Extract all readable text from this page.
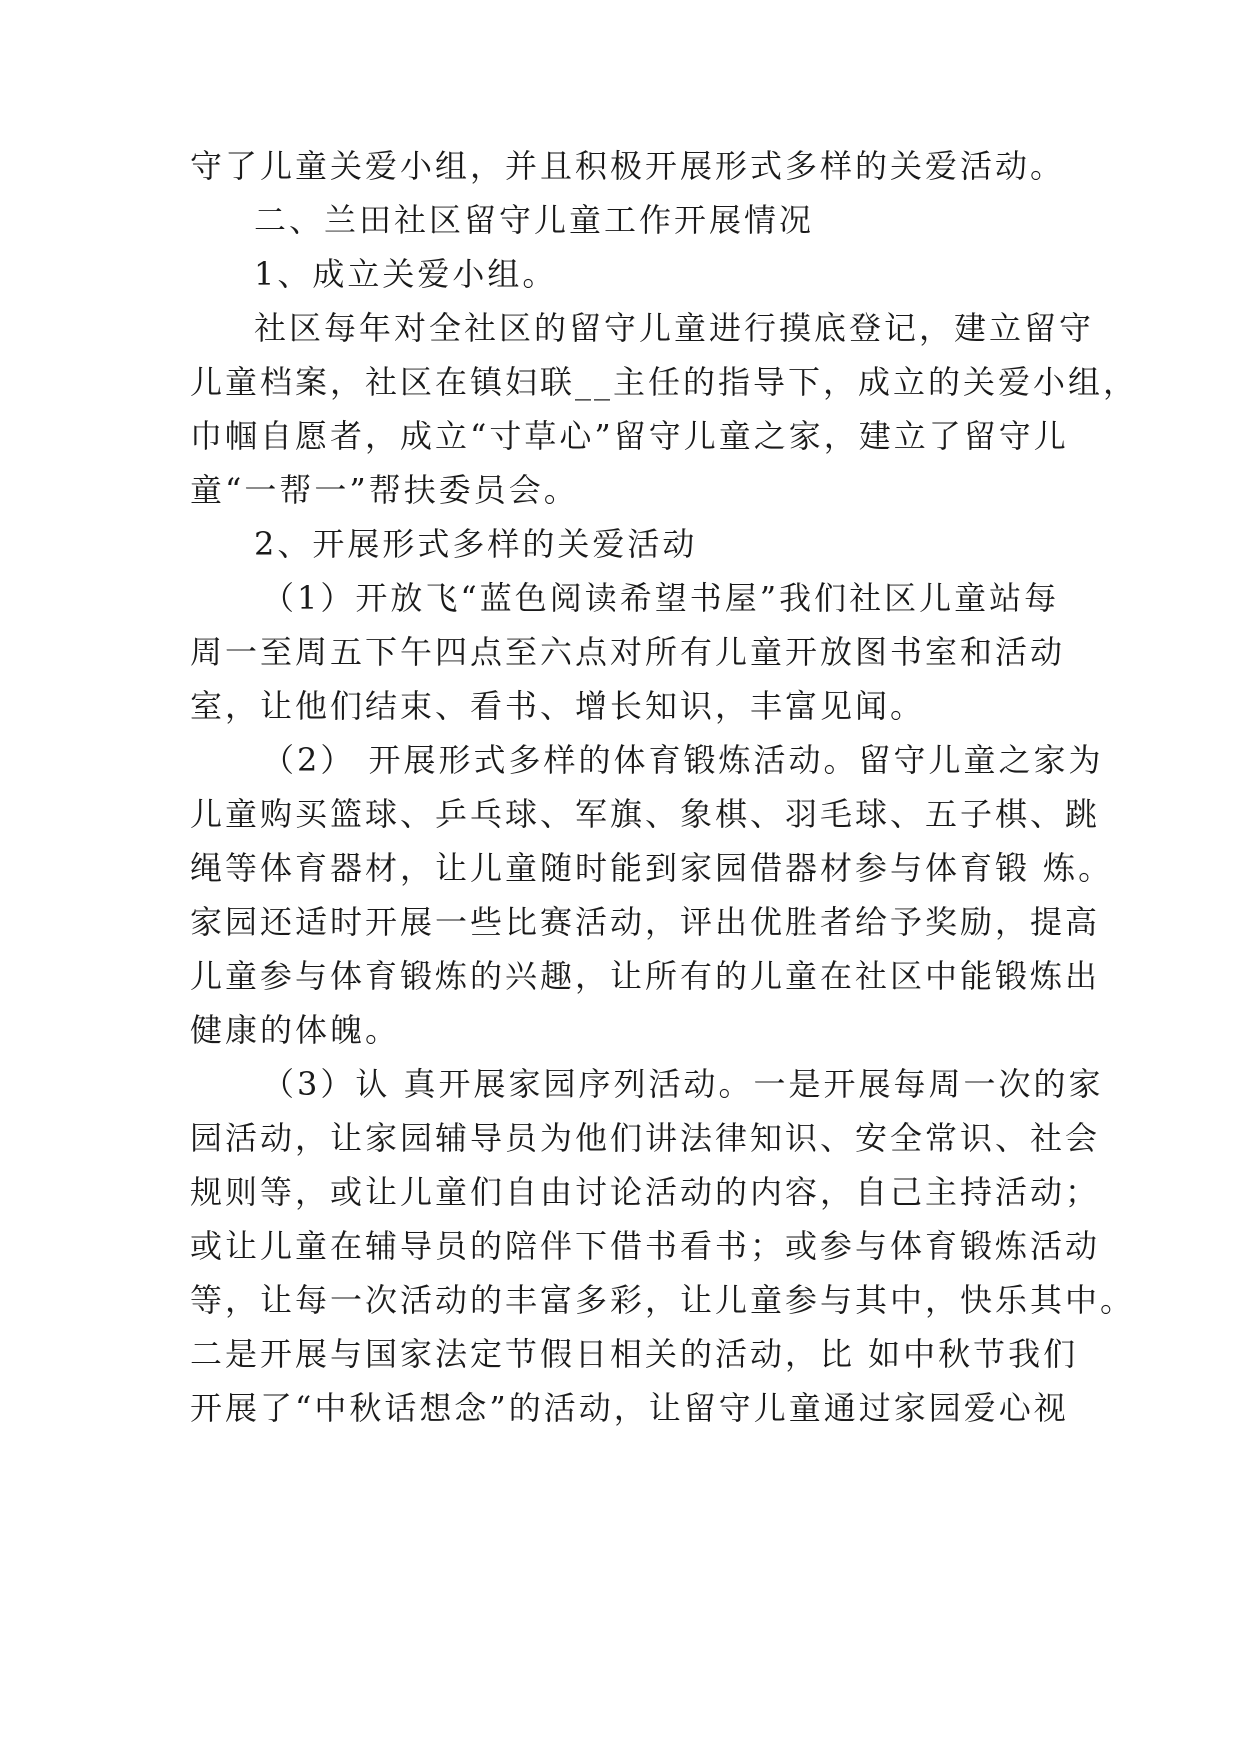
守了儿童关爱小组，并且积极开展形式多样的关爱活动。
二、兰田社区留守儿童工作开展情况
1、成立关爱小组。
社区每年对全社区的留守儿童进行摸底登记，建立留守
儿童档案，社区在镇妇联__主任的指导下，成立的关爱小组，
巾帼自愿者，成立“寸草心”留守儿童之家，建立了留守儿
童“一帮一”帮扶委员会。
2、开展形式多样的关爱活动
（1）开放飞“蓝色阅读希望书屋”我们社区儿童站每
周一至周五下午四点至六点对所有儿童开放图书室和活动
室，让他们结束、看书、增长知识，丰富见闻。
（2） 开展形式多样的体育锻炼活动。留守儿童之家为
儿童购买篮球、乒乓球、军旗、象棋、羽毛球、五子棋、跳
绳等体育器材，让儿童随时能到家园借器材参与体育锻 炼。
家园还适时开展一些比赛活动，评出优胜者给予奖励，提高
儿童参与体育锻炼的兴趣，让所有的儿童在社区中能锻炼出
健康的体魄。
（3）认 真开展家园序列活动。一是开展每周一次的家
园活动，让家园辅导员为他们讲法律知识、安全常识、社会
规则等，或让儿童们自由讨论活动的内容，自己主持活动；
或让儿童在辅导员的陪伴下借书看书；或参与体育锻炼活动
等，让每一次活动的丰富多彩，让儿童参与其中，快乐其中。
二是开展与国家法定节假日相关的活动，比 如中秋节我们
开展了“中秋话想念”的活动，让留守儿童通过家园爱心视
